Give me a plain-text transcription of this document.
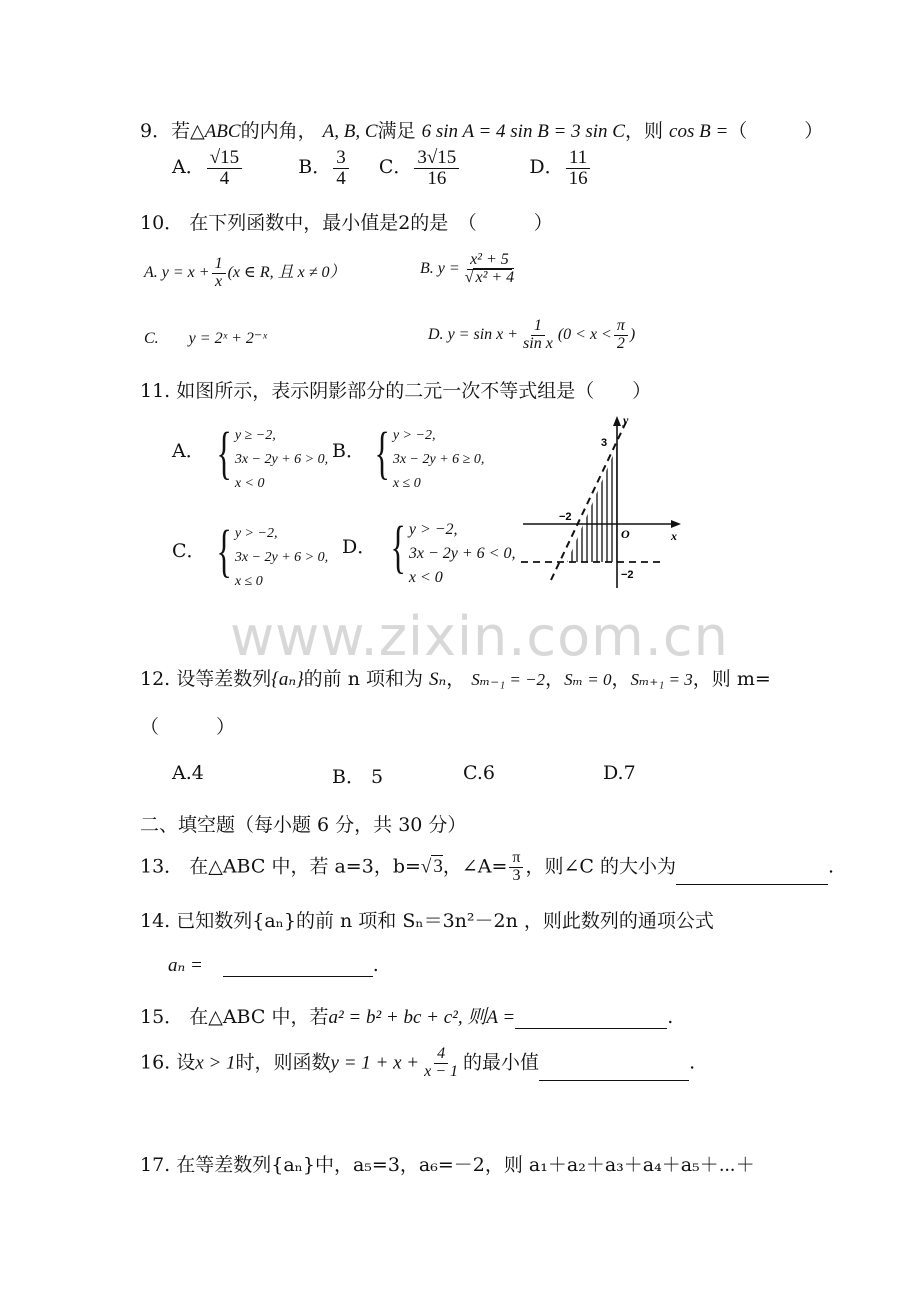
9．若△ABC的内角， A, B, C满足 6 sin A = 4 sin B = 3 sin C，则 cos B =（　　　）
A． $\frac{√15}{4}$	B． $\frac{3}{4}$ C． $\frac{3√15}{16}$	D． $\frac{11}{16}$
10． 在下列函数中，最小值是2的是　（　　　）
A. $y = x + \frac{1}{x} (x$ ∈ R, 且 x ≠ 0）	B. $y = \frac{\text{x² + 5}}{\text{√ x² + 4}}$
C. y = 2ˣ + 2⁻ˣ	D. $y = \sin x + \frac{1}{\text{sin x}} (0 < x < \frac{\pi}{2}$ )
11. 如图所示，表示阴影部分的二元一次不等式组是（　　）
A． { y ≥ −2,
3x − 2y + 6 > 0,
x < 0
B． { y > −2,
3x − 2y + 6 ≥ 0,
x ≤ 0
C． { y > −2,
3x − 2y + 6 > 0,
x ≤ 0
D． { y > −2,
3x − 2y + 6 < 0,
x < 0
y
x
O
3
−2
−2
www.zixin.com.cn
12. 设等差数列{aₙ}的前 n 项和为 Sₙ， Sₘ₋₁ = −2，Sₘ = 0，Sₘ₊₁ = 3，则 m=
（　　　）
A.4	B． 5	C.6	D.7
二、填空题（每小题 6 分，共 30 分）
13． 在△ABC 中，若 a=3，b=√ 3，∠A= $\frac{\pi}{3}$ ，则∠C 的大小为	.
14. 已知数列{aₙ}的前 n 项和 Sₙ＝3n²－2n ，则此数列的通项公式
aₙ =	.
15． 在△ABC 中，若a² = b² + bc + c², 则A =	.
16. 设x > 1时，则函数$y = 1 + x + \frac{4}{x - 1}$ 的最小值	.
17. 在等差数列{aₙ}中，a₅=3，a₆=－2，则 a₁＋a₂＋a₃＋a₄＋a₅＋⋯＋
